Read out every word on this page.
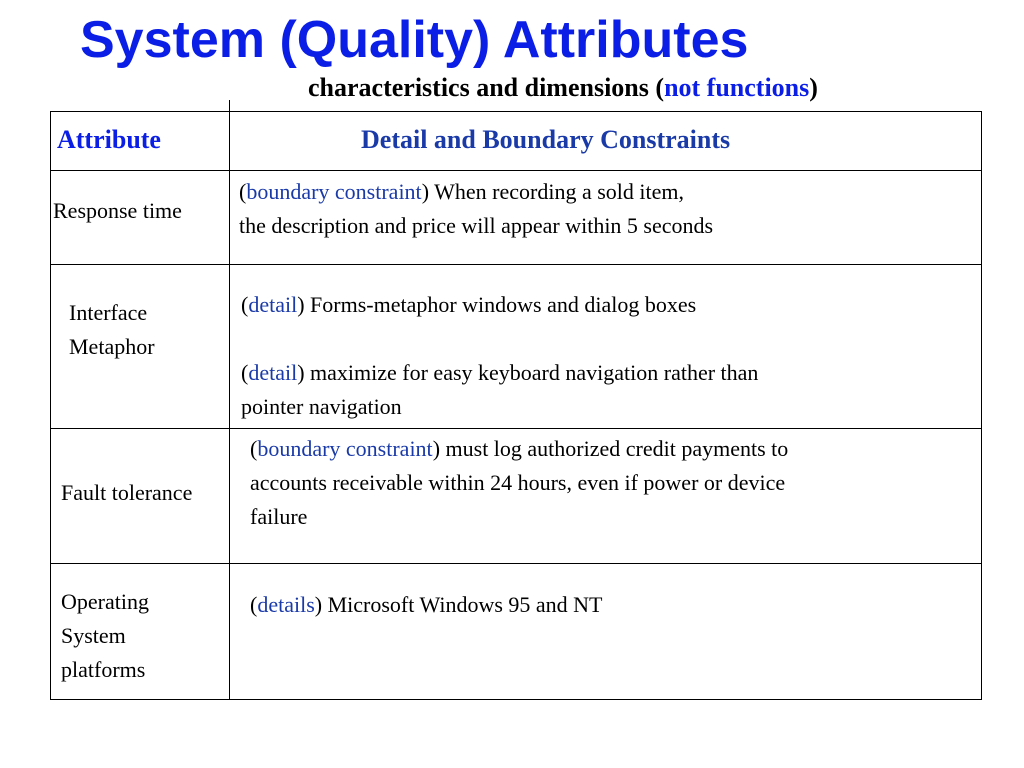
System (Quality) Attributes
characteristics and dimensions (not functions)
Attribute	Detail and Boundary Constraints
Response time
(boundary constraint) When recording a sold item,
the description and price will appear within 5 seconds
Interface
Metaphor
(detail) Forms-metaphor windows and dialog boxes
(detail) maximize for easy keyboard navigation rather than
pointer navigation
Fault tolerance
(boundary constraint) must log authorized credit payments to
accounts receivable within 24 hours, even if power or device
failure
Operating
System
platforms
(details) Microsoft Windows 95 and NT
